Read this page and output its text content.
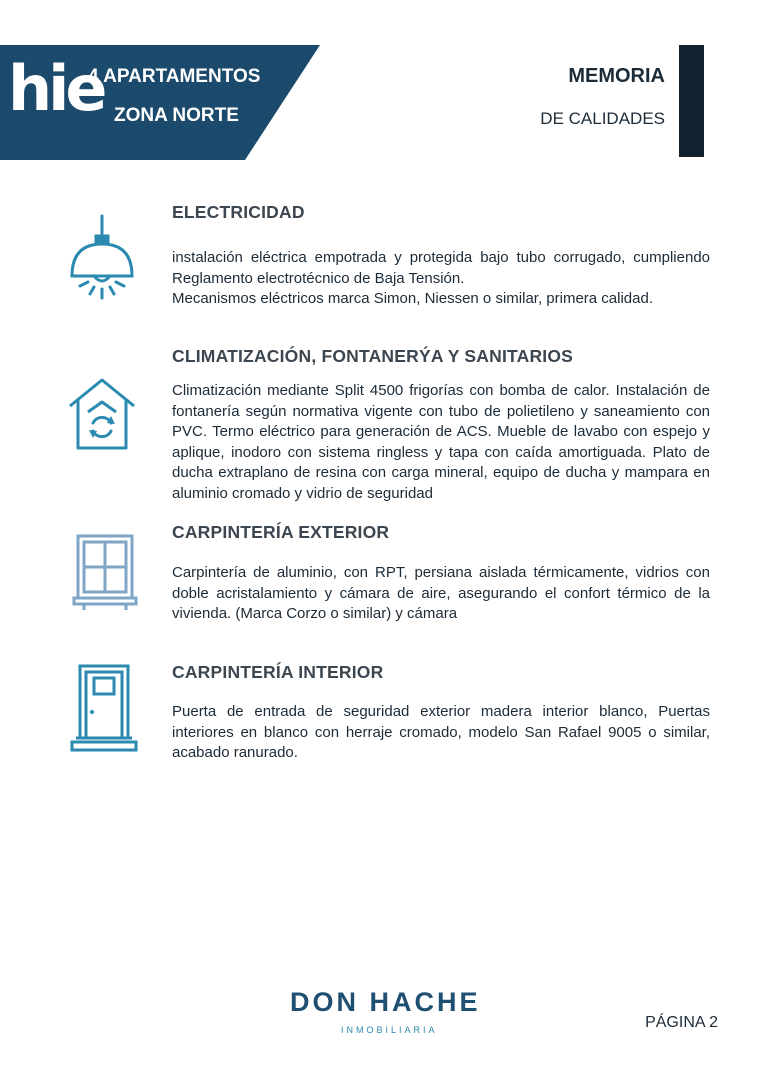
hie
4 APARTAMENTOS
ZONA NORTE
MEMORIA
DE CALIDADES
ELECTRICIDAD

instalación eléctrica empotrada y protegida bajo tubo corrugado, cumpliendo Reglamento electrotécnico de Baja Tensión.

Mecanismos eléctricos marca Simon, Niessen o similar, primera calidad.

CLIMATIZACIÓN, FONTANERÝA Y SANITARIOS

Climatización mediante Split 4500 frigorías con bomba de calor. Instalación de fontanería según normativa vigente con tubo de polietileno y saneamiento con PVC. Termo eléctrico para generación de ACS. Mueble de lavabo con espejo y aplique, inodoro con sistema ringless y tapa con caída amortiguada. Plato de ducha extraplano de resina con carga mineral, equipo de ducha y mampara en aluminio cromado y vidrio de seguridad

CARPINTERÍA EXTERIOR

Carpintería de aluminio, con RPT, persiana aislada térmicamente, vidrios con doble acristalamiento y cámara de aire, asegurando el confort térmico de la vivienda. (Marca Corzo o similar) y cámara

CARPINTERÍA INTERIOR

Puerta de entrada de seguridad exterior madera interior blanco, Puertas interiores en blanco con herraje cromado, modelo San Rafael 9005 o similar, acabado ranurado.

DON HACHE
INMOBILIARIA	PÁGINA 2
